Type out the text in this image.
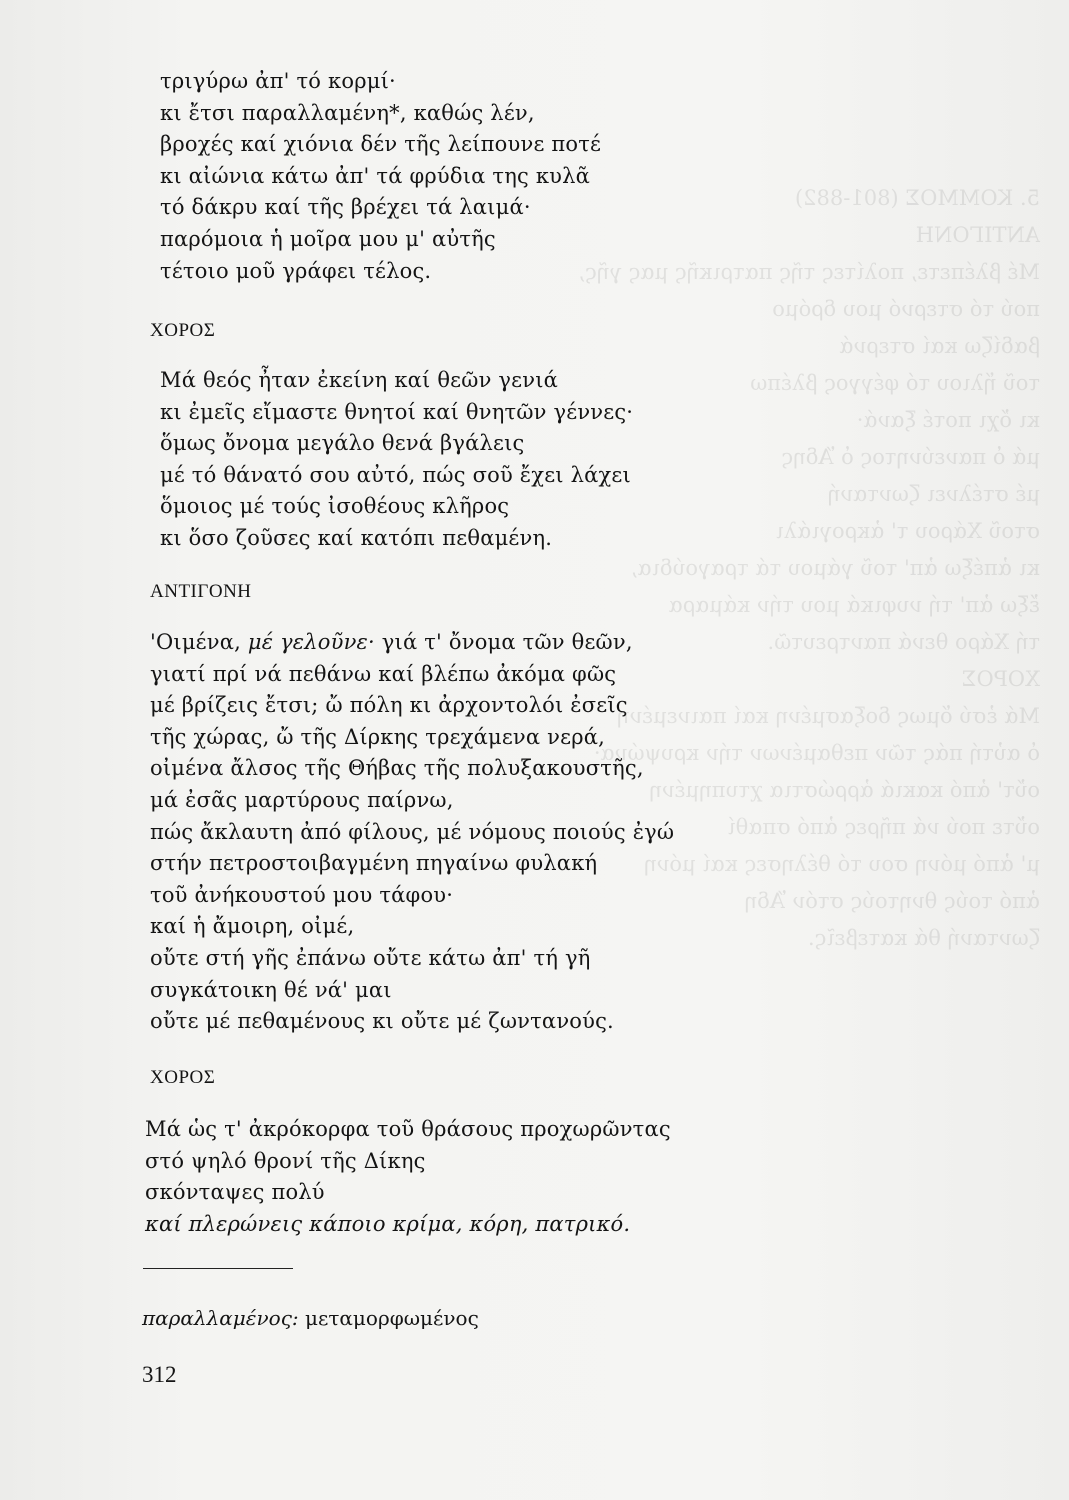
5. ΚΟΜΜΟΣ (801-882)
ΑΝΤΙΓΟΝΗ
Μέ βλέπετε, πολίτες τῆς πατρικῆς μας γῆς,
πού τό στερνό μου δρόμο
βαδίζω καί στερνά
τοῦ ἥλιου τό φέγγος βλέπω
κι ὄχι ποτέ ξανά·
μά ὁ πανεύνητος ὁ Ἅδης
μέ στέλνει ζωντανή
στοῦ Χάρου τ' ἀκρογιάλι
κι ἀπέξω ἀπ' τοῦ γάμου τά τραγούδια,
ἔξω ἀπ' τή νυφικά μου τήν κάμαρα
τή Χάρο θενά παντρευτῶ.
ΧΟΡΟΣ
Μά ἐσύ ὅμως δοξασμένη καί παινεμένη
ὁ αὐτή πάς τῶν πεθαμένων τήν κρυψώνα·
οὔτ' ἀπό κακιά ἀρρώστια χτυπημένη
οὔτε πού νά πῆρες ἀπό σπαθί
μ' ἀπό μόνη σου τό θέλησες καί μόνη
ἀπό τούς θνητούς στόν Ἅδη
ζωντανή θά κατεβεῖς.
τριγύρω ἀπ' τό κορμί·
κι ἔτσι παραλλαμένη*, καθώς λέν,
βροχές καί χιόνια δέν τῆς λείπουνε ποτέ
κι αἰώνια κάτω ἀπ' τά φρύδια της κυλᾶ
τό δάκρυ καί τῆς βρέχει τά λαιμά·
παρόμοια ἡ μοῖρα μου μ' αὐτῆς
τέτοιο μοῦ γράφει τέλος.
ΧΟΡΟΣ
Μά θεός ἦταν ἐκείνη καί θεῶν γενιά
κι ἐμεῖς εἴμαστε θνητοί καί θνητῶν γέννες·
ὅμως ὄνομα μεγάλο θενά βγάλεις
μέ τό θάνατό σου αὐτό, πώς σοῦ ἔχει λάχει
ὅμοιος μέ τούς ἰσοθέους κλῆρος
κι ὅσο ζοῦσες καί κατόπι πεθαμένη.
ΑΝΤΙΓΟΝΗ
'Οιμένα, μέ γελοῦνε· γιά τ' ὄνομα τῶν θεῶν,
γιατί πρί νά πεθάνω καί βλέπω ἀκόμα φῶς
μέ βρίζεις ἔτσι; ὤ πόλη κι ἀρχοντολόι ἐσεῖς
τῆς χώρας, ὤ τῆς Δίρκης τρεχάμενα νερά,
οἰμένα ἄλσος τῆς Θήβας τῆς πολυξακουστῆς,
μά ἐσᾶς μαρτύρους παίρνω,
πώς ἄκλαυτη ἀπό φίλους, μέ νόμους ποιούς ἐγώ
στήν πετροστοιβαγμένη πηγαίνω φυλακή
τοῦ ἀνήκουστού μου τάφου·
καί ἡ ἄμοιρη, οἰμέ,
οὔτε στή γῆς ἐπάνω οὔτε κάτω ἀπ' τή γῆ
συγκάτοικη θέ νά' μαι
οὔτε μέ πεθαμένους κι οὔτε μέ ζωντανούς.
ΧΟΡΟΣ
Μά ὡς τ' ἀκρόκορφα τοῦ θράσους προχωρῶντας
στό ψηλό θρονί τῆς Δίκης
σκόνταψες πολύ
καί πλερώνεις κάποιο κρίμα, κόρη, πατρικό.
παραλλαμένος: μεταμορφωμένος
312
